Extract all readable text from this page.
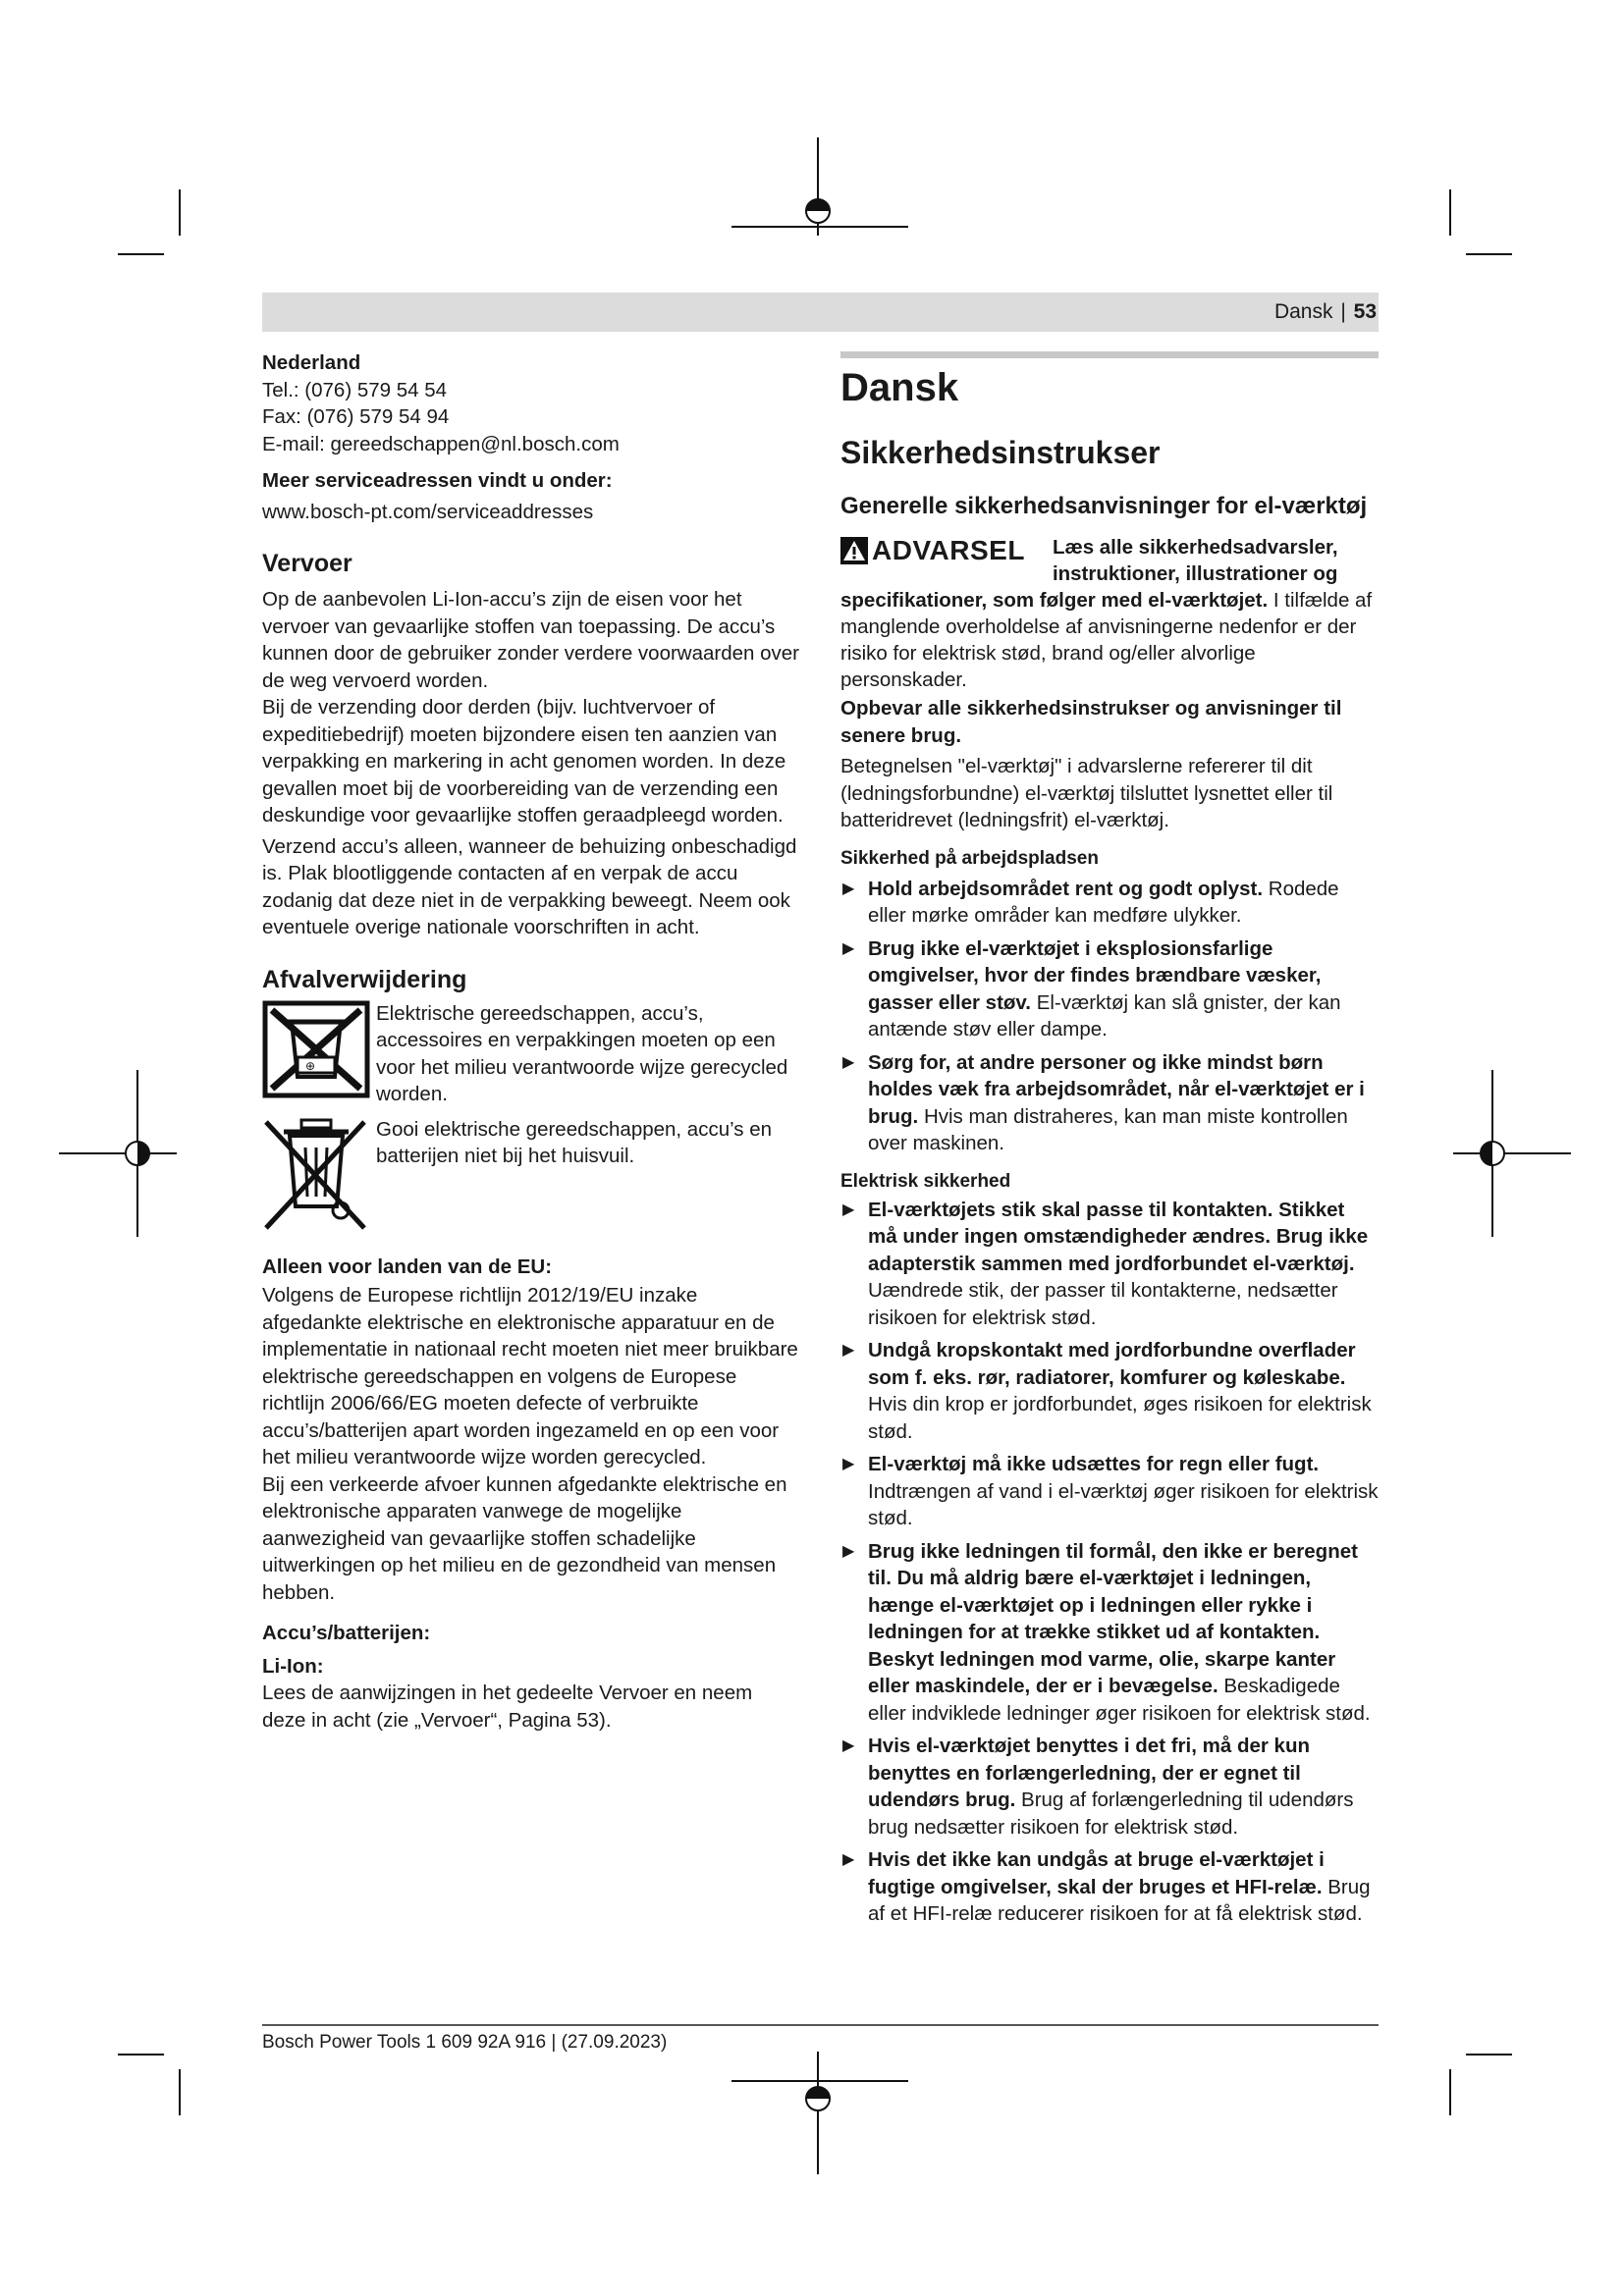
Dansk | 53

Nederland

Tel.: (076) 579 54 54

Fax: (076) 579 54 94

E-mail: gereedschappen@nl.bosch.com

Meer serviceadressen vindt u onder:

www.bosch-pt.com/serviceaddresses

Vervoer

Op de aanbevolen Li-Ion-accu’s zijn de eisen voor het vervoer van gevaarlijke stoffen van toepassing. De accu’s kunnen door de gebruiker zonder verdere voorwaarden over de weg vervoerd worden.

Bij de verzending door derden (bijv. luchtvervoer of expeditiebedrijf) moeten bijzondere eisen ten aanzien van verpakking en markering in acht genomen worden. In deze gevallen moet bij de voorbereiding van de verzending een deskundige voor gevaarlijke stoffen geraadpleegd worden.

Verzend accu’s alleen, wanneer de behuizing onbeschadigd is. Plak blootliggende contacten af en verpak de accu zodanig dat deze niet in de verpakking beweegt. Neem ook eventuele overige nationale voorschriften in acht.

Afvalverwijdering
⊕

Elektrische gereedschappen, accu’s, accessoires en verpakkingen moeten op een voor het milieu verantwoorde wijze gerecycled worden.

Gooi elektrische gereedschappen, accu’s en batterijen niet bij het huisvuil.

Alleen voor landen van de EU:

Volgens de Europese richtlijn 2012/19/EU inzake afgedankte elektrische en elektronische apparatuur en de implementatie in nationaal recht moeten niet meer bruikbare elektrische gereedschappen en volgens de Europese richtlijn 2006/66/EG moeten defecte of verbruikte accu’s/batterijen apart worden ingezameld en op een voor het milieu verantwoorde wijze worden gerecycled.

Bij een verkeerde afvoer kunnen afgedankte elektrische en elektronische apparaten vanwege de mogelijke aanwezigheid van gevaarlijke stoffen schadelijke uitwerkingen op het milieu en de gezondheid van mensen hebben.

Accu’s/batterijen:
Li-Ion:

Lees de aanwijzingen in het gedeelte Vervoer en neem deze in acht (zie „Vervoer“, Pagina 53).

Dansk
Sikkerhedsinstrukser
Generelle sikkerhedsanvisninger for el-værktøj
ADVARSEL	Læs alle sikkerhedsadvarsler, instruktioner, illustrationer og specifikationer, som følger med el-værktøjet. I tilfælde af manglende overholdelse af anvisningerne nedenfor er der risiko for elektrisk stød, brand og/eller alvorlige personskader.

Opbevar alle sikkerhedsinstrukser og anvisninger til senere brug.

Betegnelsen "el-værktøj" i advarslerne refererer til dit (ledningsforbundne) el-værktøj tilsluttet lysnettet eller til batteridrevet (ledningsfrit) el-værktøj.

Sikkerhed på arbejdspladsen

▶ Hold arbejdsområdet rent og godt oplyst. Rodede eller mørke områder kan medføre ulykker.

▶ Brug ikke el-værktøjet i eksplosionsfarlige omgivelser, hvor der findes brændbare væsker, gasser eller støv. El-værktøj kan slå gnister, der kan antænde støv eller dampe.

▶ Sørg for, at andre personer og ikke mindst børn holdes væk fra arbejdsområdet, når el-værktøjet er i brug. Hvis man distraheres, kan man miste kontrollen over maskinen.

Elektrisk sikkerhed

▶ El-værktøjets stik skal passe til kontakten. Stikket må under ingen omstændigheder ændres. Brug ikke adapterstik sammen med jordforbundet el-værktøj. Uændrede stik, der passer til kontakterne, nedsætter risikoen for elektrisk stød.

▶ Undgå kropskontakt med jordforbundne overflader som f. eks. rør, radiatorer, komfurer og køleskabe. Hvis din krop er jordforbundet, øges risikoen for elektrisk stød.

▶ El-værktøj må ikke udsættes for regn eller fugt. Indtrængen af vand i el-værktøj øger risikoen for elektrisk stød.

▶ Brug ikke ledningen til formål, den ikke er beregnet til. Du må aldrig bære el-værktøjet i ledningen, hænge el-værktøjet op i ledningen eller rykke i ledningen for at trække stikket ud af kontakten. Beskyt ledningen mod varme, olie, skarpe kanter eller maskindele, der er i bevægelse. Beskadigede eller indviklede ledninger øger risikoen for elektrisk stød.

▶ Hvis el-værktøjet benyttes i det fri, må der kun benyttes en forlængerledning, der er egnet til udendørs brug. Brug af forlængerledning til udendørs brug nedsætter risikoen for elektrisk stød.

▶ Hvis det ikke kan undgås at bruge el-værktøjet i fugtige omgivelser, skal der bruges et HFI-relæ. Brug af et HFI-relæ reducerer risikoen for at få elektrisk stød.

Bosch Power Tools 1 609 92A 916 | (27.09.2023)
